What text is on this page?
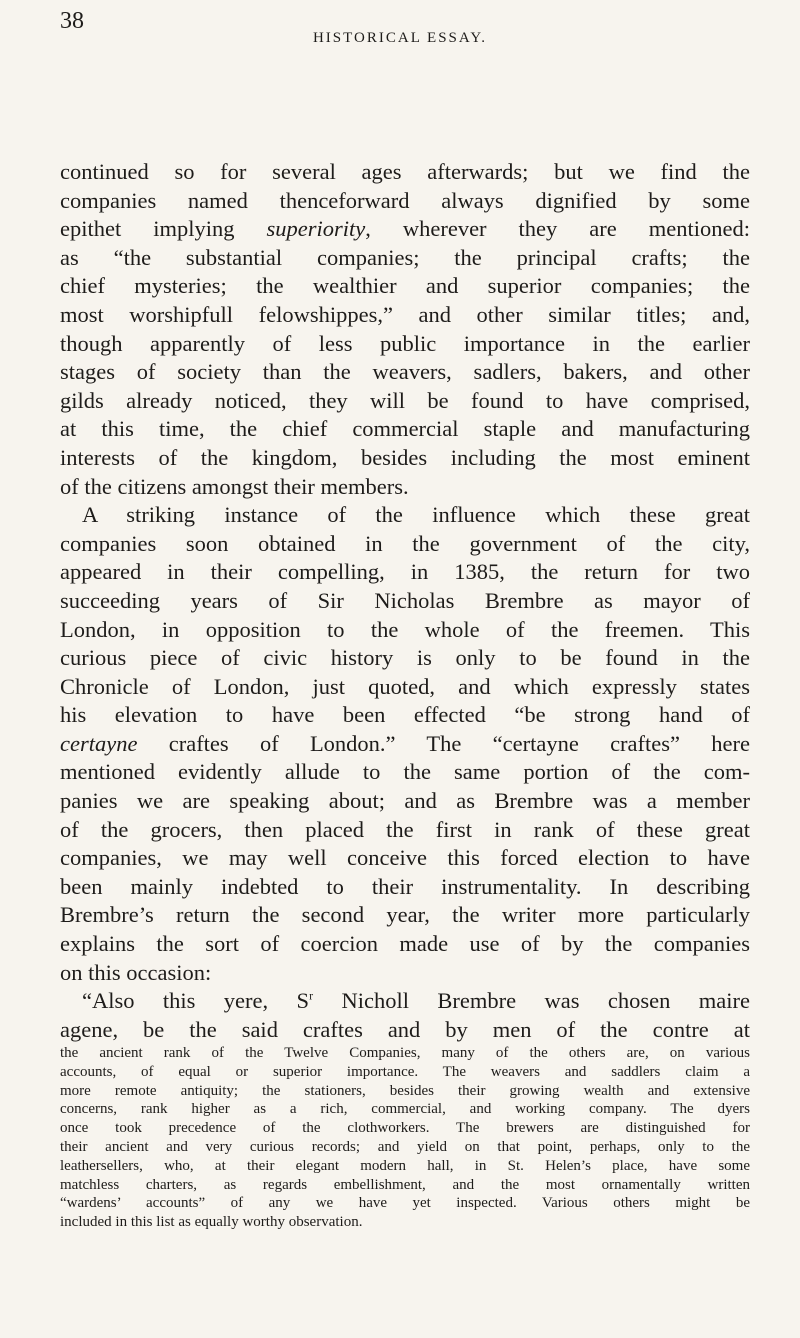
38
HISTORICAL ESSAY.
continued so for several ages afterwards; but we find the
companies named thenceforward always dignified by some
epithet implying superiority, wherever they are mentioned:
as “the substantial companies; the principal crafts; the
chief mysteries; the wealthier and superior companies; the
most worshipfull felowshippes,” and other similar titles; and,
though apparently of less public importance in the earlier
stages of society than the weavers, sadlers, bakers, and other
gilds already noticed, they will be found to have comprised,
at this time, the chief commercial staple and manufacturing
interests of the kingdom, besides including the most eminent
of the citizens amongst their members.
A striking instance of the influence which these great
companies soon obtained in the government of the city,
appeared in their compelling, in 1385, the return for two
succeeding years of Sir Nicholas Brembre as mayor of
London, in opposition to the whole of the freemen. This
curious piece of civic history is only to be found in the
Chronicle of London, just quoted, and which expressly states
his elevation to have been effected “be strong hand of
certayne craftes of London.” The “certayne craftes” here
mentioned evidently allude to the same portion of the com-
panies we are speaking about; and as Brembre was a member
of the grocers, then placed the first in rank of these great
companies, we may well conceive this forced election to have
been mainly indebted to their instrumentality. In describing
Brembre’s return the second year, the writer more particularly
explains the sort of coercion made use of by the companies
on this occasion:
“Also this yere, $S^r$ Nicholl Brembre was chosen maire
agene, be the said craftes and by men of the contre at
the ancient rank of the Twelve Companies, many of the others are, on various
accounts, of equal or superior importance. The weavers and saddlers claim a
more remote antiquity; the stationers, besides their growing wealth and extensive
concerns, rank higher as a rich, commercial, and working company. The dyers
once took precedence of the clothworkers. The brewers are distinguished for
their ancient and very curious records; and yield on that point, perhaps, only to the
leathersellers, who, at their elegant modern hall, in St. Helen’s place, have some
matchless charters, as regards embellishment, and the most ornamentally written
“wardens’ accounts” of any we have yet inspected. Various others might be
included in this list as equally worthy observation.
